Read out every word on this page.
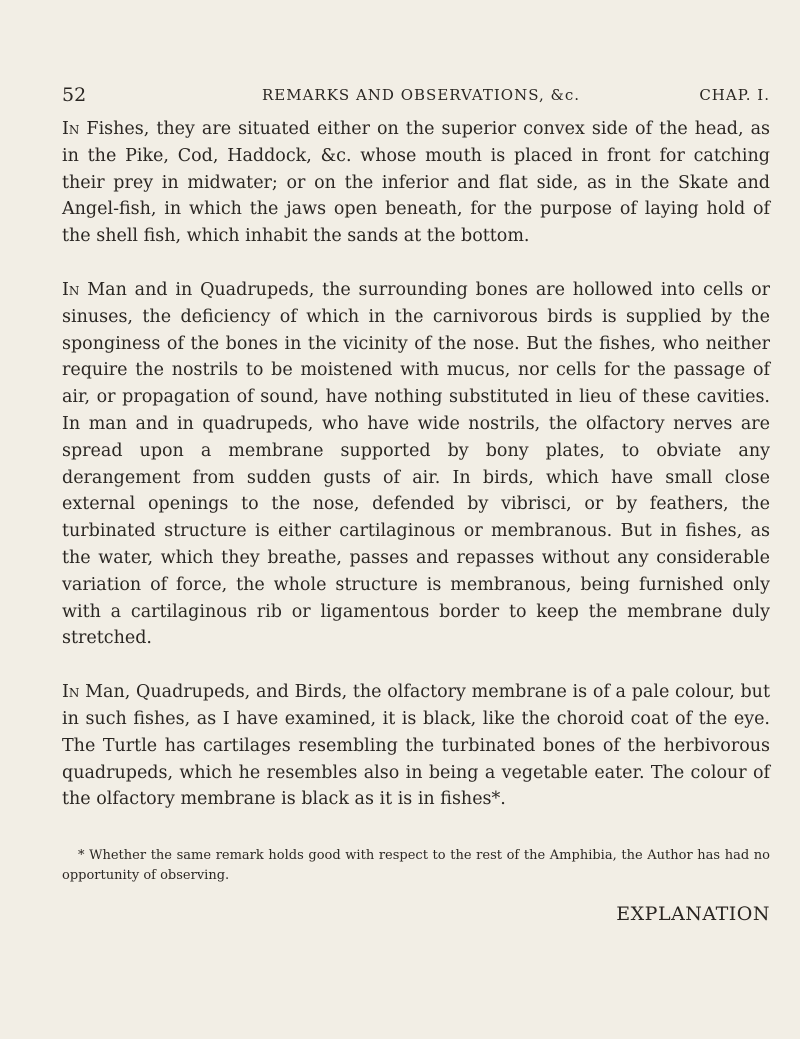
52	REMARKS AND OBSERVATIONS, &c.	CHAP. I.

In Fishes, they are situated either on the superior convex side of the head, as in the Pike, Cod, Haddock, &c. whose mouth is placed in front for catching their prey in midwater; or on the inferior and flat side, as in the Skate and Angel-fish, in which the jaws open beneath, for the purpose of laying hold of the shell fish, which inhabit the sands at the bottom.

In Man and in Quadrupeds, the surrounding bones are hollowed into cells or sinuses, the deficiency of which in the carnivorous birds is supplied by the sponginess of the bones in the vicinity of the nose. But the fishes, who neither require the nostrils to be moistened with mucus, nor cells for the passage of air, or propagation of sound, have nothing substituted in lieu of these cavities. In man and in quadrupeds, who have wide nostrils, the olfactory nerves are spread upon a membrane supported by bony plates, to obviate any derangement from sudden gusts of air. In birds, which have small close external openings to the nose, defended by vibrisci, or by feathers, the turbinated structure is either cartilaginous or membranous. But in fishes, as the water, which they breathe, passes and repasses without any considerable variation of force, the whole structure is membranous, being furnished only with a cartilaginous rib or ligamentous border to keep the membrane duly stretched.

In Man, Quadrupeds, and Birds, the olfactory membrane is of a pale colour, but in such fishes, as I have examined, it is black, like the choroid coat of the eye. The Turtle has cartilages resembling the turbinated bones of the herbivorous quadrupeds, which he resembles also in being a vegetable eater. The colour of the olfactory membrane is black as it is in fishes*.

* Whether the same remark holds good with respect to the rest of the Amphibia, the Author has had no opportunity of observing.
EXPLANATION
